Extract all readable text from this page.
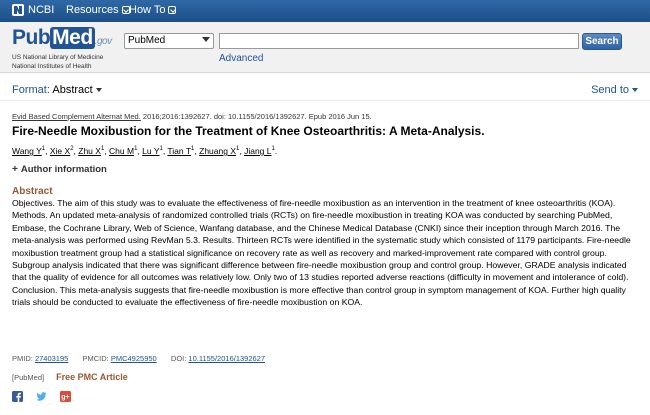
NCBI Resources How To
PubMed .gov
US National Library of Medicine
National Institutes of Health
PubMed	Search
Advanced
Format: Abstract	Send to
Evid Based Complement Alternat Med. 2016;2016:1392627. doi: 10.1155/2016/1392627. Epub 2016 Jun 15.
Fire-Needle Moxibustion for the Treatment of Knee Osteoarthritis: A Meta-Analysis.
Wang $Y^1$, Xie $X^2$, Zhu $X^1$, Chu $M^1$, Lu $Y^1$, Tian $T^1$, Zhuang $X^1$, Jiang $L^1$.
+ Author information
Abstract
Objectives. The aim of this study was to evaluate the effectiveness of fire-needle moxibustion as an intervention in the treatment of knee osteoarthritis (KOA). Methods. An updated meta-analysis of randomized controlled trials (RCTs) on fire-needle moxibustion in treating KOA was conducted by searching PubMed, Embase, the Cochrane Library, Web of Science, Wanfang database, and the Chinese Medical Database (CNKI) since their inception through March 2016. The meta-analysis was performed using RevMan 5.3. Results. Thirteen RCTs were identified in the systematic study which consisted of 1179 participants. Fire-needle moxibustion treatment group had a statistical significance on recovery rate as well as recovery and marked-improvement rate compared with control group. Subgroup analysis indicated that there was significant difference between fire-needle moxibustion group and control group. However, GRADE analysis indicated that the quality of evidence for all outcomes was relatively low. Only two of 13 studies reported adverse reactions (difficulty in movement and intolerance of cold). Conclusion. This meta-analysis suggests that fire-needle moxibustion is more effective than control group in symptom management of KOA. Further high quality trials should be conducted to evaluate the effectiveness of fire-needle moxibustion on KOA.
PMID: 27403195 PMCID: PMC4925950 DOI: 10.1155/2016/1392627
[PubMed] Free PMC Article
g+
